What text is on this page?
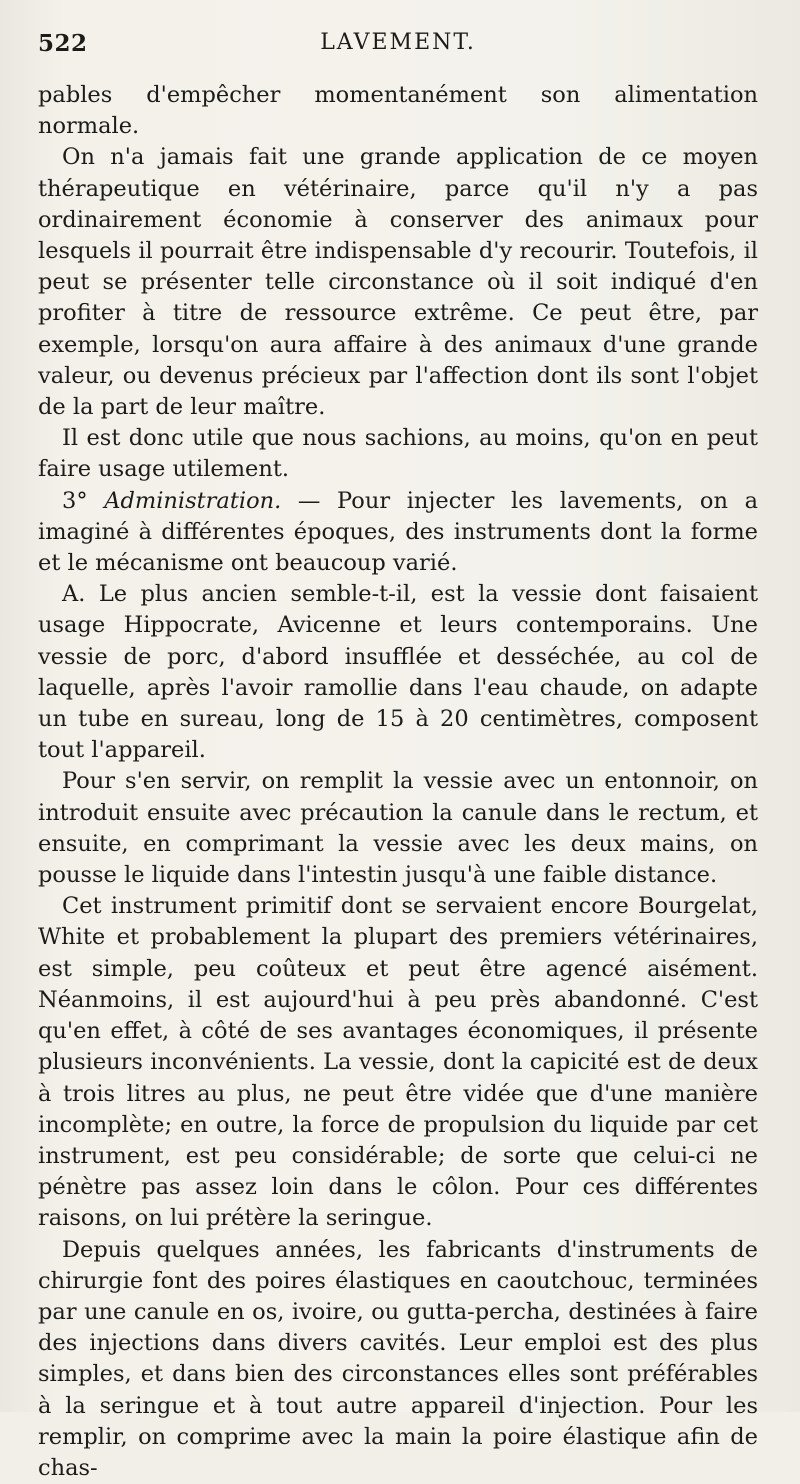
522	LAVEMENT.

pables d'empêcher momentanément son alimentation normale.

On n'a jamais fait une grande application de ce moyen thérapeutique en vétérinaire, parce qu'il n'y a pas ordinairement économie à conserver des animaux pour lesquels il pourrait être indispensable d'y recourir. Toutefois, il peut se présenter telle circonstance où il soit indiqué d'en profiter à titre de ressource extrême. Ce peut être, par exemple, lorsqu'on aura affaire à des animaux d'une grande valeur, ou devenus précieux par l'affection dont ils sont l'objet de la part de leur maître.

Il est donc utile que nous sachions, au moins, qu'on en peut faire usage utilement.

3° Administration. — Pour injecter les lavements, on a imaginé à différentes époques, des instruments dont la forme et le mécanisme ont beaucoup varié.

A. Le plus ancien semble-t-il, est la vessie dont faisaient usage Hippocrate, Avicenne et leurs contemporains. Une vessie de porc, d'abord insufflée et desséchée, au col de laquelle, après l'avoir ramollie dans l'eau chaude, on adapte un tube en sureau, long de 15 à 20 centimètres, composent tout l'appareil.

Pour s'en servir, on remplit la vessie avec un entonnoir, on introduit ensuite avec précaution la canule dans le rectum, et ensuite, en comprimant la vessie avec les deux mains, on pousse le liquide dans l'intestin jusqu'à une faible distance.

Cet instrument primitif dont se servaient encore Bourgelat, White et probablement la plupart des premiers vétérinaires, est simple, peu coûteux et peut être agencé aisément. Néanmoins, il est aujourd'hui à peu près abandonné. C'est qu'en effet, à côté de ses avantages économiques, il présente plusieurs inconvénients. La vessie, dont la capicité est de deux à trois litres au plus, ne peut être vidée que d'une manière incomplète; en outre, la force de propulsion du liquide par cet instrument, est peu considérable; de sorte que celui-ci ne pénètre pas assez loin dans le côlon. Pour ces différentes raisons, on lui prétère la seringue.

Depuis quelques années, les fabricants d'instruments de chirurgie font des poires élastiques en caoutchouc, terminées par une canule en os, ivoire, ou gutta-percha, destinées à faire des injections dans divers cavités. Leur emploi est des plus simples, et dans bien des circonstances elles sont préférables à la seringue et à tout autre appareil d'injection. Pour les remplir, on comprime avec la main la poire élastique afin de chas-
